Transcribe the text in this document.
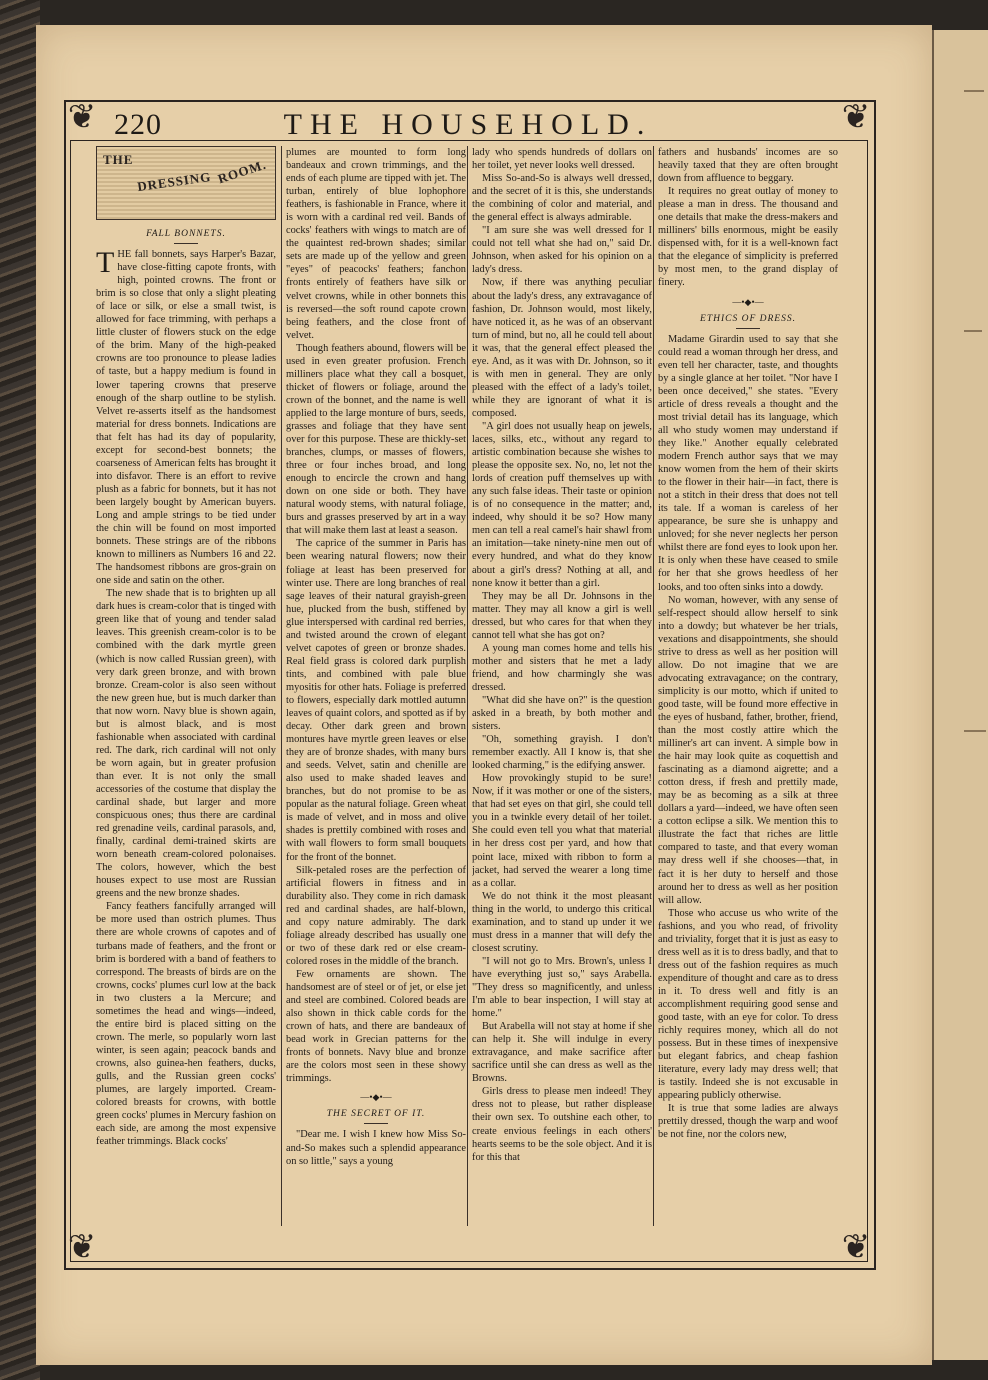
❦	❦
❦	❦
220	THE HOUSEHOLD.
THE
DRESSING ROOM.
FALL BONNETS.

THE fall bonnets, says Harper's Bazar, have close-fitting capote fronts, with high, pointed crowns. The front or brim is so close that only a slight pleating of lace or silk, or else a small twist, is allowed for face trimming, with perhaps a little cluster of flowers stuck on the edge of the brim. Many of the high-peaked crowns are too pronounce to please ladies of taste, but a happy medium is found in lower tapering crowns that preserve enough of the sharp outline to be stylish. Velvet re-asserts itself as the handsomest material for dress bonnets. Indications are that felt has had its day of popularity, except for second-best bonnets; the coarseness of American felts has brought it into disfavor. There is an effort to revive plush as a fabric for bonnets, but it has not been largely bought by American buyers. Long and ample strings to be tied under the chin will be found on most imported bonnets. These strings are of the ribbons known to milliners as Numbers 16 and 22. The handsomest ribbons are gros-grain on one side and satin on the other.

The new shade that is to brighten up all dark hues is cream-color that is tinged with green like that of young and tender salad leaves. This greenish cream-color is to be combined with the dark myrtle green (which is now called Russian green), with very dark green bronze, and with brown bronze. Cream-color is also seen without the new green hue, but is much darker than that now worn. Navy blue is shown again, but is almost black, and is most fashionable when associated with cardinal red. The dark, rich cardinal will not only be worn again, but in greater profusion than ever. It is not only the small accessories of the costume that display the cardinal shade, but larger and more conspicuous ones; thus there are cardinal red grenadine veils, cardinal parasols, and, finally, cardinal demi-trained skirts are worn beneath cream-colored polonaises. The colors, however, which the best houses expect to use most are Russian greens and the new bronze shades.

Fancy feathers fancifully arranged will be more used than ostrich plumes. Thus there are whole crowns of capotes and of turbans made of feathers, and the front or brim is bordered with a band of feathers to correspond. The breasts of birds are on the crowns, cocks' plumes curl low at the back in two clusters a la Mercure; and sometimes the head and wings—indeed, the entire bird is placed sitting on the crown. The merle, so popularly worn last winter, is seen again; peacock bands and crowns, also guinea-hen feathers, ducks, gulls, and the Russian green cocks' plumes, are largely imported. Cream-colored breasts for crowns, with bottle green cocks' plumes in Mercury fashion on each side, are among the most expensive feather trimmings. Black cocks'

plumes are mounted to form long bandeaux and crown trimmings, and the ends of each plume are tipped with jet. The turban, entirely of blue lophophore feathers, is fashionable in France, where it is worn with a cardinal red veil. Bands of cocks' feathers with wings to match are of the quaintest red-brown shades; similar sets are made up of the yellow and green "eyes" of peacocks' feathers; fanchon fronts entirely of feathers have silk or velvet crowns, while in other bonnets this is reversed—the soft round capote crown being feathers, and the close front of velvet.

Though feathers abound, flowers will be used in even greater profusion. French milliners place what they call a bosquet, thicket of flowers or foliage, around the crown of the bonnet, and the name is well applied to the large monture of burs, seeds, grasses and foliage that they have sent over for this purpose. These are thickly-set branches, clumps, or masses of flowers, three or four inches broad, and long enough to encircle the crown and hang down on one side or both. They have natural woody stems, with natural foliage, burs and grasses preserved by art in a way that will make them last at least a season.

The caprice of the summer in Paris has been wearing natural flowers; now their foliage at least has been preserved for winter use. There are long branches of real sage leaves of their natural grayish-green hue, plucked from the bush, stiffened by glue interspersed with cardinal red berries, and twisted around the crown of elegant velvet capotes of green or bronze shades. Real field grass is colored dark purplish tints, and combined with pale blue myositis for other hats. Foliage is preferred to flowers, especially dark mottled autumn leaves of quaint colors, and spotted as if by decay. Other dark green and brown montures have myrtle green leaves or else they are of bronze shades, with many burs and seeds. Velvet, satin and chenille are also used to make shaded leaves and branches, but do not promise to be as popular as the natural foliage. Green wheat is made of velvet, and in moss and olive shades is prettily combined with roses and with wall flowers to form small bouquets for the front of the bonnet.

Silk-petaled roses are the perfection of artificial flowers in fitness and in durability also. They come in rich damask red and cardinal shades, are half-blown, and copy nature admirably. The dark foliage already described has usually one or two of these dark red or else cream-colored roses in the middle of the branch.

Few ornaments are shown. The handsomest are of steel or of jet, or else jet and steel are combined. Colored beads are also shown in thick cable cords for the crown of hats, and there are bandeaux of bead work in Grecian patterns for the fronts of bonnets. Navy blue and bronze are the colors most seen in these showy trimmings.

—•◆•—
THE SECRET OF IT.

"Dear me. I wish I knew how Miss So-and-So makes such a splendid appearance on so little," says a young

lady who spends hundreds of dollars on her toilet, yet never looks well dressed.

Miss So-and-So is always well dressed, and the secret of it is this, she understands the combining of color and material, and the general effect is always admirable.

"I am sure she was well dressed for I could not tell what she had on," said Dr. Johnson, when asked for his opinion on a lady's dress.

Now, if there was anything peculiar about the lady's dress, any extravagance of fashion, Dr. Johnson would, most likely, have noticed it, as he was of an observant turn of mind, but no, all he could tell about it was, that the general effect pleased the eye. And, as it was with Dr. Johnson, so it is with men in general. They are only pleased with the effect of a lady's toilet, while they are ignorant of what it is composed.

"A girl does not usually heap on jewels, laces, silks, etc., without any regard to artistic combination because she wishes to please the opposite sex. No, no, let not the lords of creation puff themselves up with any such false ideas. Their taste or opinion is of no consequence in the matter; and, indeed, why should it be so? How many men can tell a real camel's hair shawl from an imitation—take ninety-nine men out of every hundred, and what do they know about a girl's dress? Nothing at all, and none know it better than a girl.

They may be all Dr. Johnsons in the matter. They may all know a girl is well dressed, but who cares for that when they cannot tell what she has got on?

A young man comes home and tells his mother and sisters that he met a lady friend, and how charmingly she was dressed.

"What did she have on?" is the question asked in a breath, by both mother and sisters.

"Oh, something grayish. I don't remember exactly. All I know is, that she looked charming," is the edifying answer.

How provokingly stupid to be sure! Now, if it was mother or one of the sisters, that had set eyes on that girl, she could tell you in a twinkle every detail of her toilet. She could even tell you what that material in her dress cost per yard, and how that point lace, mixed with ribbon to form a jacket, had served the wearer a long time as a collar.

We do not think it the most pleasant thing in the world, to undergo this critical examination, and to stand up under it we must dress in a manner that will defy the closest scrutiny.

"I will not go to Mrs. Brown's, unless I have everything just so," says Arabella. "They dress so magnificently, and unless I'm able to bear inspection, I will stay at home."

But Arabella will not stay at home if she can help it. She will indulge in every extravagance, and make sacrifice after sacrifice until she can dress as well as the Browns.

Girls dress to please men indeed! They dress not to please, but rather displease their own sex. To outshine each other, to create envious feelings in each others' hearts seems to be the sole object. And it is for this that

fathers and husbands' incomes are so heavily taxed that they are often brought down from affluence to beggary.

It requires no great outlay of money to please a man in dress. The thousand and one details that make the dress-makers and milliners' bills enormous, might be easily dispensed with, for it is a well-known fact that the elegance of simplicity is preferred by most men, to the grand display of finery.

—•◆•—
ETHICS OF DRESS.

Madame Girardin used to say that she could read a woman through her dress, and even tell her character, taste, and thoughts by a single glance at her toilet. "Nor have I been once deceived," she states. "Every article of dress reveals a thought and the most trivial detail has its language, which all who study women may understand if they like." Another equally celebrated modern French author says that we may know women from the hem of their skirts to the flower in their hair—in fact, there is not a stitch in their dress that does not tell its tale. If a woman is careless of her appearance, be sure she is unhappy and unloved; for she never neglects her person whilst there are fond eyes to look upon her. It is only when these have ceased to smile for her that she grows heedless of her looks, and too often sinks into a dowdy.

No woman, however, with any sense of self-respect should allow herself to sink into a dowdy; but whatever be her trials, vexations and disappointments, she should strive to dress as well as her position will allow. Do not imagine that we are advocating extravagance; on the contrary, simplicity is our motto, which if united to good taste, will be found more effective in the eyes of husband, father, brother, friend, than the most costly attire which the milliner's art can invent. A simple bow in the hair may look quite as coquettish and fascinating as a diamond aigrette; and a cotton dress, if fresh and prettily made, may be as becoming as a silk at three dollars a yard—indeed, we have often seen a cotton eclipse a silk. We mention this to illustrate the fact that riches are little compared to taste, and that every woman may dress well if she chooses—that, in fact it is her duty to herself and those around her to dress as well as her position will allow.

Those who accuse us who write of the fashions, and you who read, of frivolity and triviality, forget that it is just as easy to dress well as it is to dress badly, and that to dress out of the fashion requires as much expenditure of thought and care as to dress in it. To dress well and fitly is an accomplishment requiring good sense and good taste, with an eye for color. To dress richly requires money, which all do not possess. But in these times of inexpensive but elegant fabrics, and cheap fashion literature, every lady may dress well; that is tastily. Indeed she is not excusable in appearing publicly otherwise.

It is true that some ladies are always prettily dressed, though the warp and woof be not fine, nor the colors new,
